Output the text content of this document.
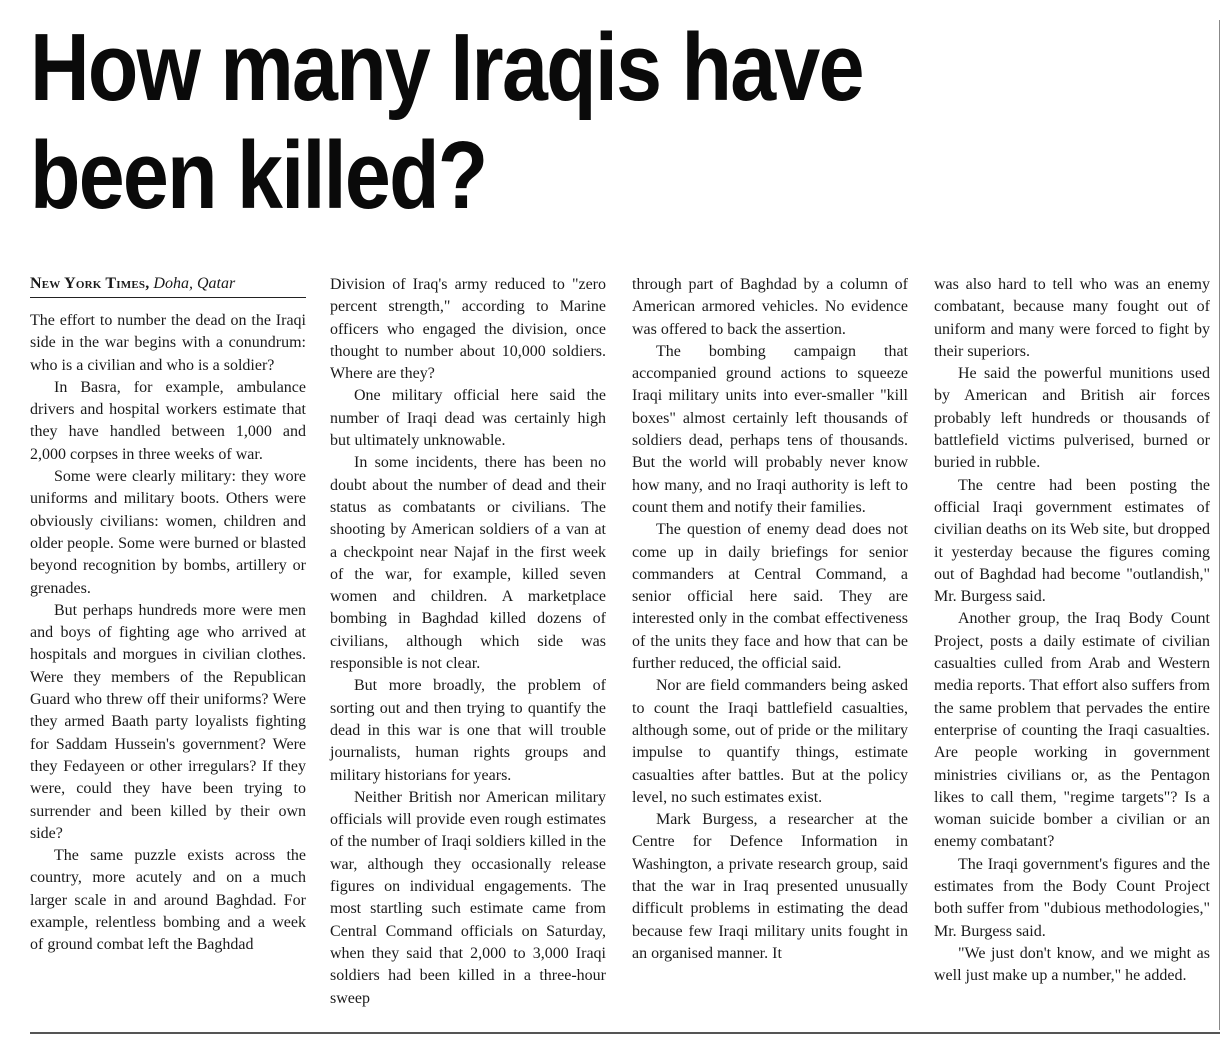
How many Iraqis have
been killed?
New York Times, Doha, Qatar

The effort to number the dead on the Iraqi side in the war begins with a conundrum: who is a civilian and who is a soldier?

In Basra, for example, ambulance drivers and hospital workers estimate that they have handled between 1,000 and 2,000 corpses in three weeks of war.

Some were clearly military: they wore uniforms and military boots. Others were obviously civilians: women, children and older people. Some were burned or blasted beyond recognition by bombs, artillery or grenades.

But perhaps hundreds more were men and boys of fighting age who arrived at hospitals and morgues in civilian clothes. Were they members of the Republican Guard who threw off their uniforms? Were they armed Baath party loyalists fighting for Saddam Hussein's government? Were they Fedayeen or other irregulars? If they were, could they have been trying to surrender and been killed by their own side?

The same puzzle exists across the country, more acutely and on a much larger scale in and around Baghdad. For example, relentless bombing and a week of ground combat left the Baghdad

Division of Iraq's army reduced to "zero percent strength," according to Marine officers who engaged the division, once thought to number about 10,000 soldiers. Where are they?

One military official here said the number of Iraqi dead was certainly high but ultimately unknowable.

In some incidents, there has been no doubt about the number of dead and their status as combatants or civilians. The shooting by American soldiers of a van at a checkpoint near Najaf in the first week of the war, for example, killed seven women and children. A marketplace bombing in Baghdad killed dozens of civilians, although which side was responsible is not clear.

But more broadly, the problem of sorting out and then trying to quantify the dead in this war is one that will trouble journalists, human rights groups and military historians for years.

Neither British nor American military officials will provide even rough estimates of the number of Iraqi soldiers killed in the war, although they occasionally release figures on individual engagements. The most startling such estimate came from Central Command officials on Saturday, when they said that 2,000 to 3,000 Iraqi soldiers had been killed in a three-hour sweep

through part of Baghdad by a column of American armored vehicles. No evidence was offered to back the assertion.

The bombing campaign that accompanied ground actions to squeeze Iraqi military units into ever-smaller "kill boxes" almost certainly left thousands of soldiers dead, perhaps tens of thousands. But the world will probably never know how many, and no Iraqi authority is left to count them and notify their families.

The question of enemy dead does not come up in daily briefings for senior commanders at Central Command, a senior official here said. They are interested only in the combat effectiveness of the units they face and how that can be further reduced, the official said.

Nor are field commanders being asked to count the Iraqi battlefield casualties, although some, out of pride or the military impulse to quantify things, estimate casualties after battles. But at the policy level, no such estimates exist.

Mark Burgess, a researcher at the Centre for Defence Information in Washington, a private research group, said that the war in Iraq presented unusually difficult problems in estimating the dead because few Iraqi military units fought in an organised manner. It

was also hard to tell who was an enemy combatant, because many fought out of uniform and many were forced to fight by their superiors.

He said the powerful munitions used by American and British air forces probably left hundreds or thousands of battlefield victims pulverised, burned or buried in rubble.

The centre had been posting the official Iraqi government estimates of civilian deaths on its Web site, but dropped it yesterday because the figures coming out of Baghdad had become "outlandish," Mr. Burgess said.

Another group, the Iraq Body Count Project, posts a daily estimate of civilian casualties culled from Arab and Western media reports. That effort also suffers from the same problem that pervades the entire enterprise of counting the Iraqi casualties. Are people working in government ministries civilians or, as the Pentagon likes to call them, "regime targets"? Is a woman suicide bomber a civilian or an enemy combatant?

The Iraqi government's figures and the estimates from the Body Count Project both suffer from "dubious methodologies," Mr. Burgess said.

"We just don't know, and we might as well just make up a number," he added.
